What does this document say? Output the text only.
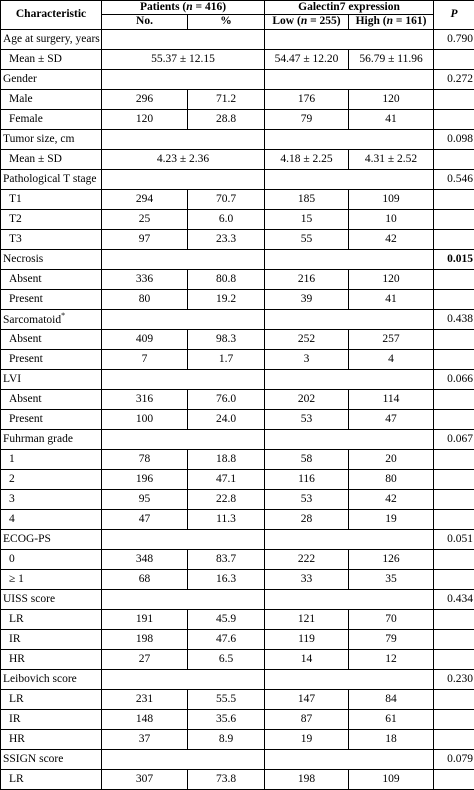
Characteristic	Patients (n = 416)		Galectin7 expression		P
	No.	%	Low (n = 255)	High (n = 161)	
Age at surgery, years					0.790
Mean ± SD	55.37 ± 12.15		54.47 ± 12.20	56.79 ± 11.96	
Gender					0.272
Male	296	71.2	176	120	
Female	120	28.8	79	41	
Tumor size, cm					0.098
Mean ± SD	4.23 ± 2.36		4.18 ± 2.25	4.31 ± 2.52	
Pathological T stage					0.546
T1	294	70.7	185	109	
T2	25	6.0	15	10	
T3	97	23.3	55	42	
Necrosis					0.015
Absent	336	80.8	216	120	
Present	80	19.2	39	41	
Sarcomatoid*					0.438
Absent	409	98.3	252	257	
Present	7	1.7	3	4	
LVI					0.066
Absent	316	76.0	202	114	
Present	100	24.0	53	47	
Fuhrman grade					0.067
1	78	18.8	58	20	
2	196	47.1	116	80	
3	95	22.8	53	42	
4	47	11.3	28	19	
ECOG-PS					0.051
0	348	83.7	222	126	
≥ 1	68	16.3	33	35	
UISS score					0.434
LR	191	45.9	121	70	
IR	198	47.6	119	79	
HR	27	6.5	14	12	
Leibovich score					0.230
LR	231	55.5	147	84	
IR	148	35.6	87	61	
HR	37	8.9	19	18	
SSIGN score					0.079
LR	307	73.8	198	109	
